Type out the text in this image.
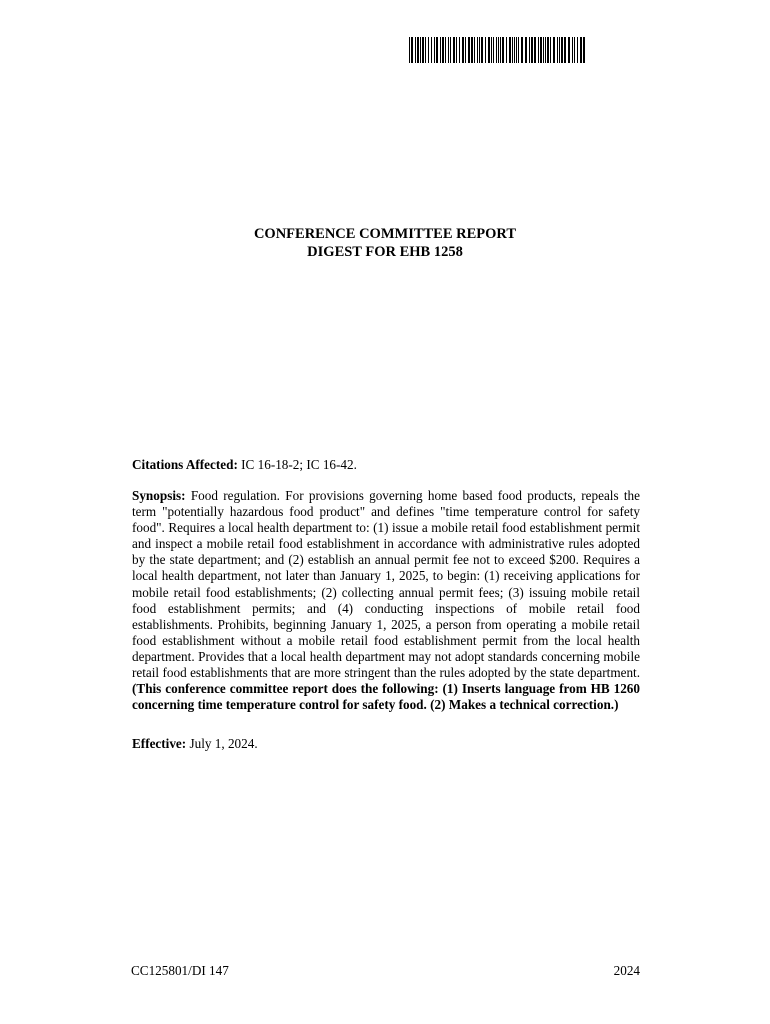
CONFERENCE COMMITTEE REPORT
DIGEST FOR EHB 1258
Citations Affected: IC 16-18-2; IC 16-42.
Synopsis: Food regulation. For provisions governing home based food products, repeals the term "potentially hazardous food product" and defines "time temperature control for safety food". Requires a local health department to: (1) issue a mobile retail food establishment permit and inspect a mobile retail food establishment in accordance with administrative rules adopted by the state department; and (2) establish an annual permit fee not to exceed $200. Requires a local health department, not later than January 1, 2025, to begin: (1) receiving applications for mobile retail food establishments; (2) collecting annual permit fees; (3) issuing mobile retail food establishment permits; and (4) conducting inspections of mobile retail food establishments. Prohibits, beginning January 1, 2025, a person from operating a mobile retail food establishment without a mobile retail food establishment permit from the local health department. Provides that a local health department may not adopt standards concerning mobile retail food establishments that are more stringent than the rules adopted by the state department. (This conference committee report does the following: (1) Inserts language from HB 1260 concerning time temperature control for safety food. (2) Makes a technical correction.)
Effective: July 1, 2024.
CC125801/DI 147	2024
